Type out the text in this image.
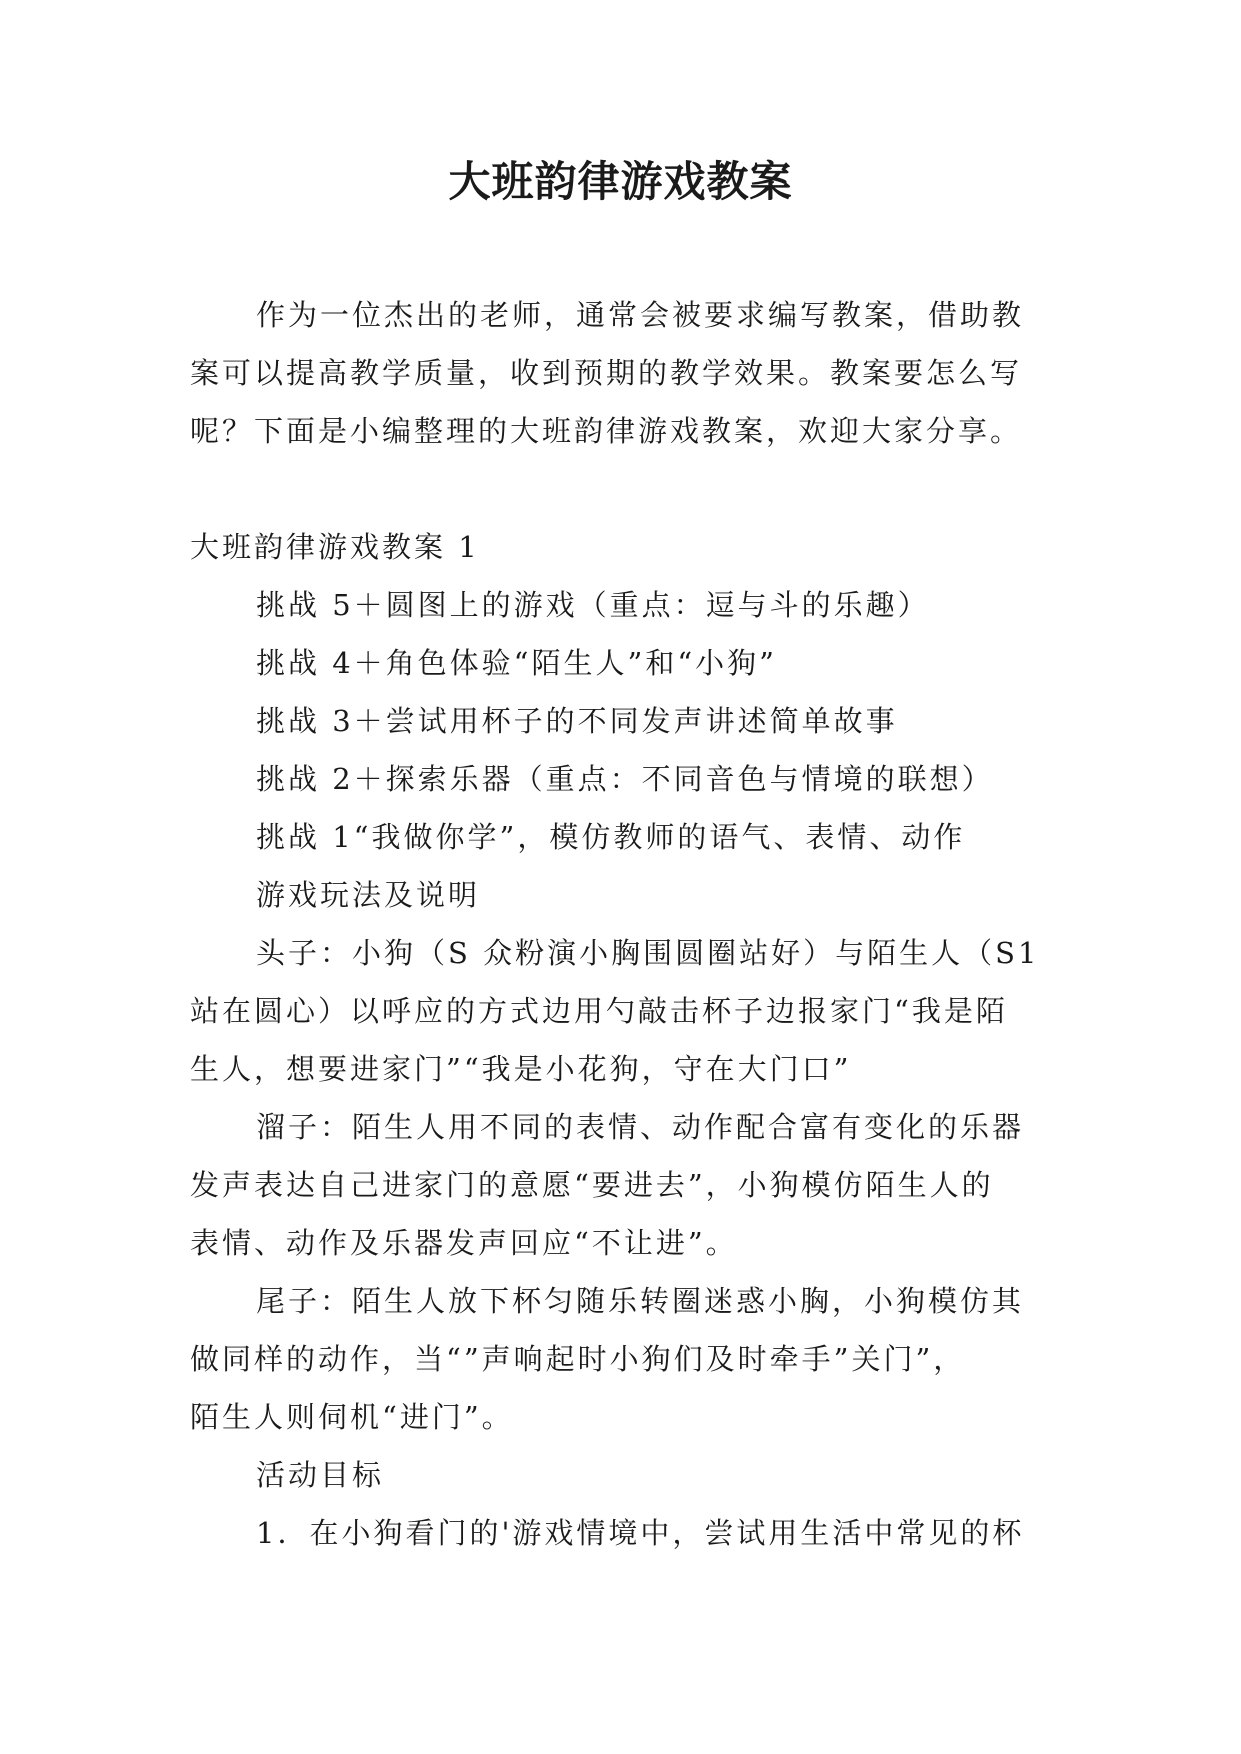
大班韵律游戏教案

作为一位杰出的老师，通常会被要求编写教案，借助教

案可以提高教学质量，收到预期的教学效果。教案要怎么写

呢？下面是小编整理的大班韵律游戏教案，欢迎大家分享。

大班韵律游戏教案 1

挑战 5＋圆图上的游戏（重点：逗与斗的乐趣）

挑战 4＋角色体验“陌生人”和“小狗”

挑战 3＋尝试用杯子的不同发声讲述简单故事

挑战 2＋探索乐器（重点：不同音色与情境的联想）

挑战 1“我做你学”，模仿教师的语气、表情、动作

游戏玩法及说明

头子：小狗（S 众粉演小胸围圆圈站好）与陌生人（S1

站在圆心）以呼应的方式边用勺敲击杯子边报家门“我是陌

生人，想要进家门”“我是小花狗，守在大门口”

溜子：陌生人用不同的表情、动作配合富有变化的乐器

发声表达自己进家门的意愿“要进去”，小狗模仿陌生人的

表情、动作及乐器发声回应“不让进”。

尾子：陌生人放下杯匀随乐转圈迷惑小胸，小狗模仿其

做同样的动作，当“”声响起时小狗们及时牵手”关门”，

陌生人则伺机“进门”。

活动目标

1．在小狗看门的'游戏情境中，尝试用生活中常见的杯
